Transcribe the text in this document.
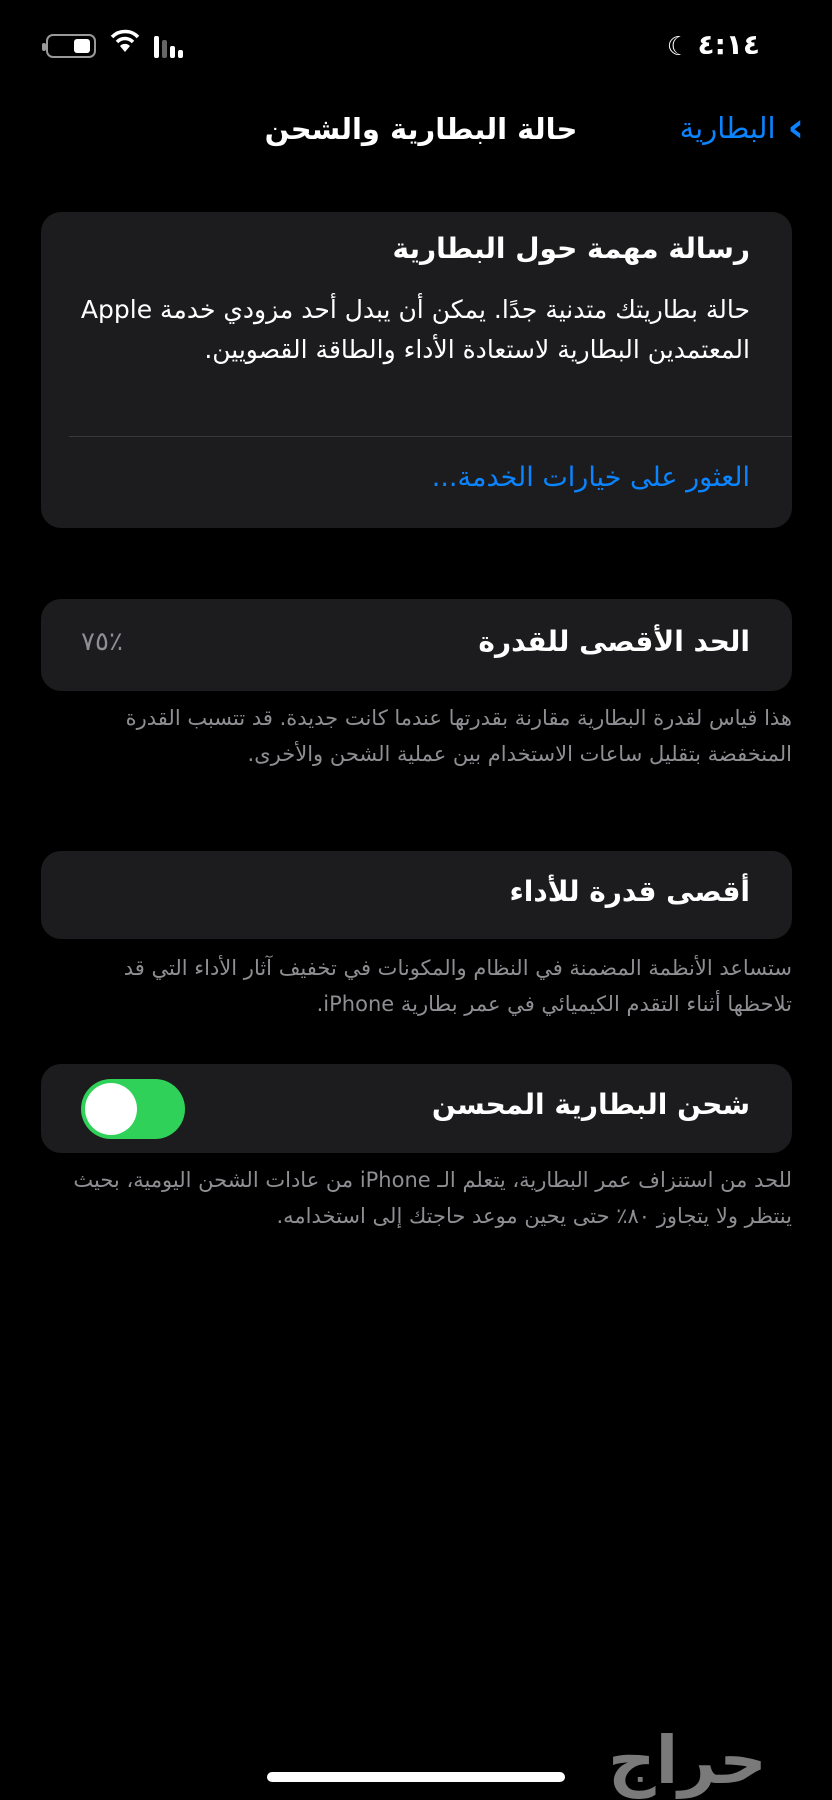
٤:١٤
☾
حالة البطارية والشحن	›
البطارية
رسالة مهمة حول البطارية
حالة بطاريتك متدنية جدًا. يمكن أن يبدل أحد مزودي خدمة Apple المعتمدين البطارية لاستعادة الأداء والطاقة القصويين.
العثور على خيارات الخدمة...
الحد الأقصى للقدرة
٪٧٥
هذا قياس لقدرة البطارية مقارنة بقدرتها عندما كانت جديدة. قد تتسبب القدرة المنخفضة بتقليل ساعات الاستخدام بين عملية الشحن والأخرى.
أقصى قدرة للأداء
ستساعد الأنظمة المضمنة في النظام والمكونات في تخفيف آثار الأداء التي قد تلاحظها أثناء التقدم الكيميائي في عمر بطارية iPhone.
شحن البطارية المحسن
للحد من استنزاف عمر البطارية، يتعلم الـ iPhone من عادات الشحن اليومية، بحيث ينتظر ولا يتجاوز ٨٠٪ حتى يحين موعد حاجتك إلى استخدامه.
حراج
